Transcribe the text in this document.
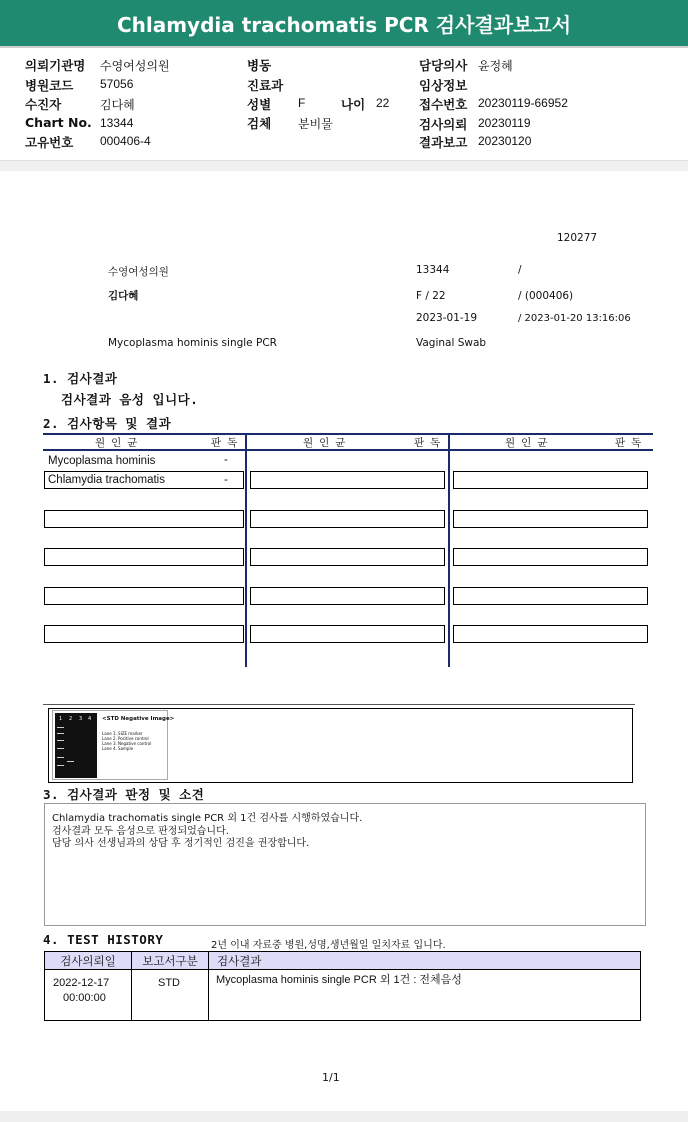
Chlamydia trachomatis PCR 검사결과보고서
의뢰기관명 수영여성의원
병원코드 57056
수진자	김다혜
Chart No. 13344
고유번호 000406-4
병동
진료과
성별 F	나이 22
검체 분비물
담당의사 윤정혜
임상정보
접수번호 20230119-66952
검사의뢰 20230119
결과보고 20230120
120277
수영여성의원	13344	/
김다혜	F / 22	/ (000406)
2023-01-19	/ 2023-01-20 13:16:06
Mycoplasma hominis single PCR	Vaginal Swab
1. 검사결과
검사결과 음성 입니다.
2. 검사항목 및 결과
원인균	판독	원인균	판독	원인균	판독
Mycoplasma hominis	-
Chlamydia trachomatis	-
1 2 3 4 <STD Negative Image>
Lane 1. SIZE marker
Lane 2. Positive control
Lane 3. Negative control
Lane 4. Sample
3. 검사결과 판정 및 소견
Chlamydia trachomatis single PCR 외 1건 검사를 시행하였습니다.
검사결과 모두 음성으로 판정되었습니다.
담당 의사 선생님과의 상담 후 정기적인 검진을 권장합니다.
4. TEST HISTORY	2년 이내 자료중 병원,성명,생년월일 일치자료 입니다.
검사의뢰일	보고서구분	검사결과
2022-12-17
00:00:00
STD	Mycoplasma hominis single PCR 외 1건 : 전체음성
1/1
